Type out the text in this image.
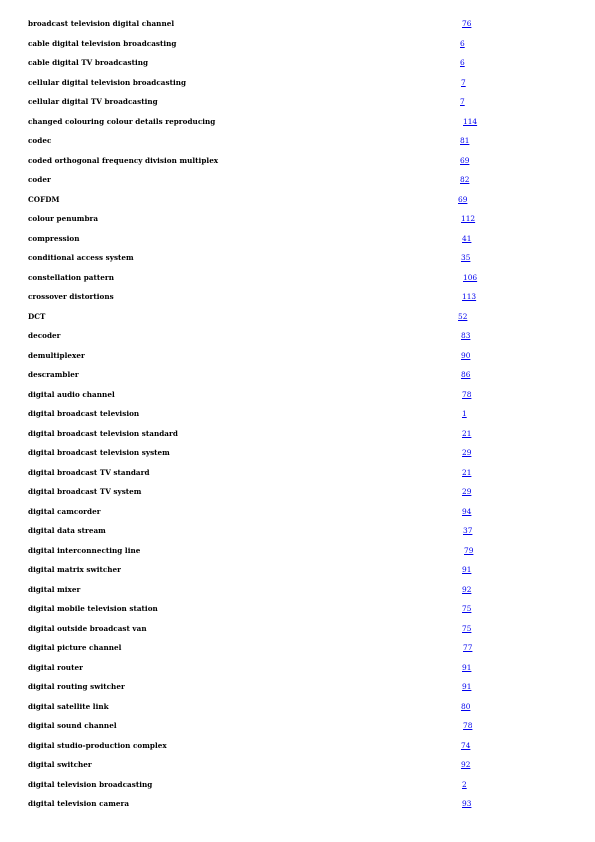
broadcast television digital channel	76
cable digital television broadcasting	6
cable digital TV broadcasting	6
cellular digital television broadcasting	7
cellular digital TV broadcasting	7
changed colouring colour details reproducing	114
codec	81
coded orthogonal frequency division multiplex	69
coder	82
COFDM	69
colour penumbra	112
compression	41
conditional access system	35
constellation pattern	106
crossover distortions	113
DCT	52
decoder	83
demultiplexer	90
descrambler	86
digital audio channel	78
digital broadcast television	1
digital broadcast television standard	21
digital broadcast television system	29
digital broadcast TV standard	21
digital broadcast TV system	29
digital camcorder	94
digital data stream	37
digital interconnecting line	79
digital matrix switcher	91
digital mixer	92
digital mobile television station	75
digital outside broadcast van	75
digital picture channel	77
digital router	91
digital routing switcher	91
digital satellite link	80
digital sound channel	78
digital studio-production complex	74
digital switcher	92
digital television broadcasting	2
digital television camera	93
